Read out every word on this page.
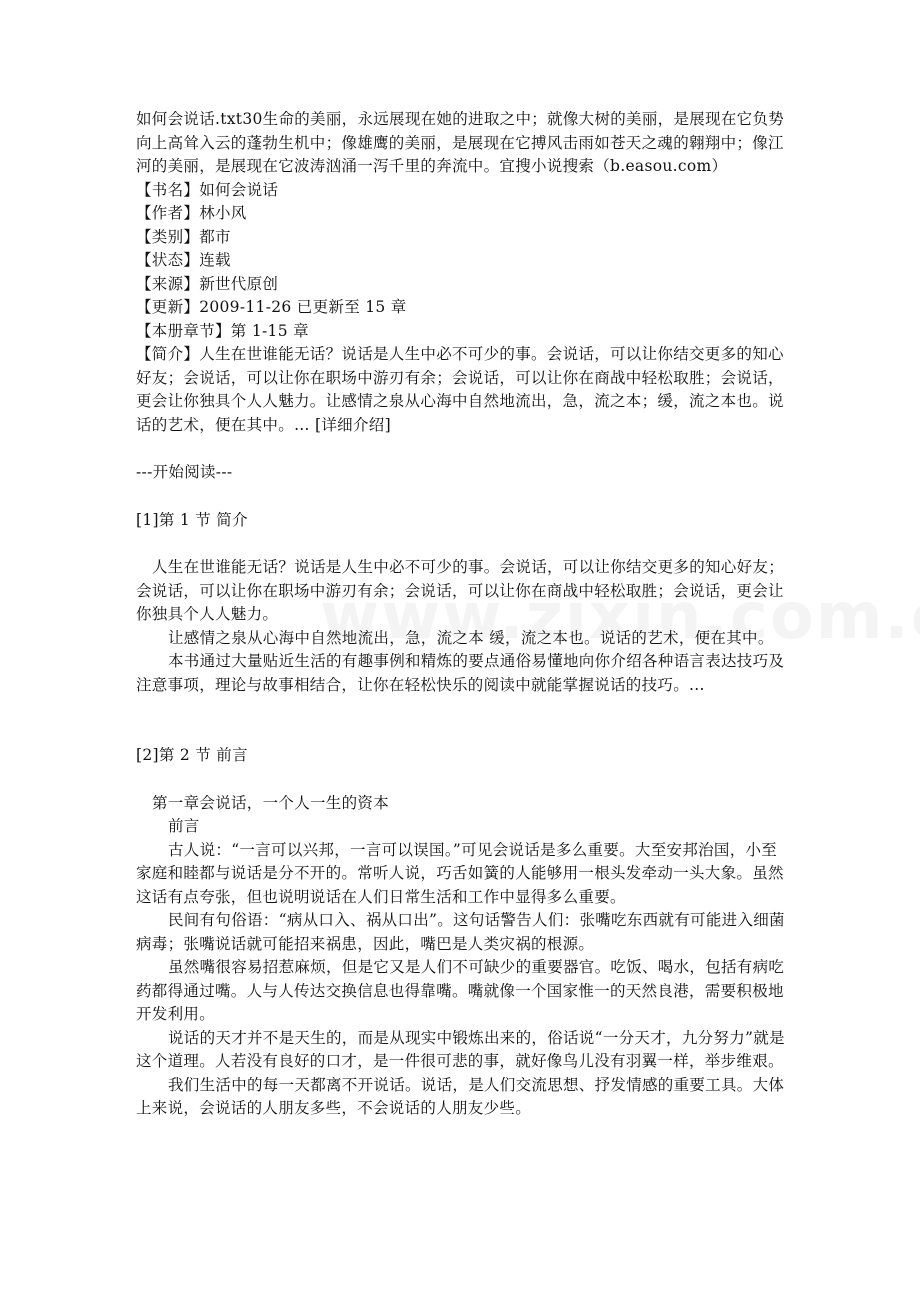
如何会说话.txt30生命的美丽，永远展现在她的进取之中；就像大树的美丽，是展现在它负势向上高耸入云的蓬勃生机中；像雄鹰的美丽，是展现在它搏风击雨如苍天之魂的翱翔中；像江河的美丽，是展现在它波涛汹涌一泻千里的奔流中。宜搜小说搜索（b.easou.com）
【书名】如何会说话
【作者】林小风
【类别】都市
【状态】连载
【来源】新世代原创
【更新】2009-11-26 已更新至 15 章
【本册章节】第 1-15 章
【简介】人生在世谁能无话？说话是人生中必不可少的事。会说话，可以让你结交更多的知心好友；会说话，可以让你在职场中游刃有余；会说话，可以让你在商战中轻松取胜；会说话，更会让你独具个人人魅力。让感情之泉从心海中自然地流出，急，流之本；缓，流之本也。说话的艺术，便在其中。… [详细介绍]
---开始阅读---
[1]第 1 节 简介
人生在世谁能无话？说话是人生中必不可少的事。会说话，可以让你结交更多的知心好友；会说话，可以让你在职场中游刃有余；会说话，可以让你在商战中轻松取胜；会说话，更会让你独具个人人魅力。
让感情之泉从心海中自然地流出，急，流之本 缓，流之本也。说话的艺术，便在其中。
本书通过大量贴近生活的有趣事例和精炼的要点通俗易懂地向你介绍各种语言表达技巧及注意事项，理论与故事相结合，让你在轻松快乐的阅读中就能掌握说话的技巧。...
[2]第 2 节 前言
第一章会说话，一个人一生的资本
前言
古人说：“一言可以兴邦，一言可以误国。”可见会说话是多么重要。大至安邦治国，小至家庭和睦都与说话是分不开的。常听人说，巧舌如簧的人能够用一根头发牵动一头大象。虽然这话有点夸张，但也说明说话在人们日常生活和工作中显得多么重要。
民间有句俗语：“病从口入、祸从口出”。这句话警告人们：张嘴吃东西就有可能进入细菌病毒；张嘴说话就可能招来祸患，因此，嘴巴是人类灾祸的根源。
虽然嘴很容易招惹麻烦，但是它又是人们不可缺少的重要器官。吃饭、喝水，包括有病吃药都得通过嘴。人与人传达交换信息也得靠嘴。嘴就像一个国家惟一的天然良港，需要积极地开发利用。
说话的天才并不是天生的，而是从现实中锻炼出来的，俗话说“一分天才，九分努力”就是这个道理。人若没有良好的口才，是一件很可悲的事，就好像鸟儿没有羽翼一样，举步维艰。
我们生活中的每一天都离不开说话。说话，是人们交流思想、抒发情感的重要工具。大体上来说，会说话的人朋友多些，不会说话的人朋友少些。
